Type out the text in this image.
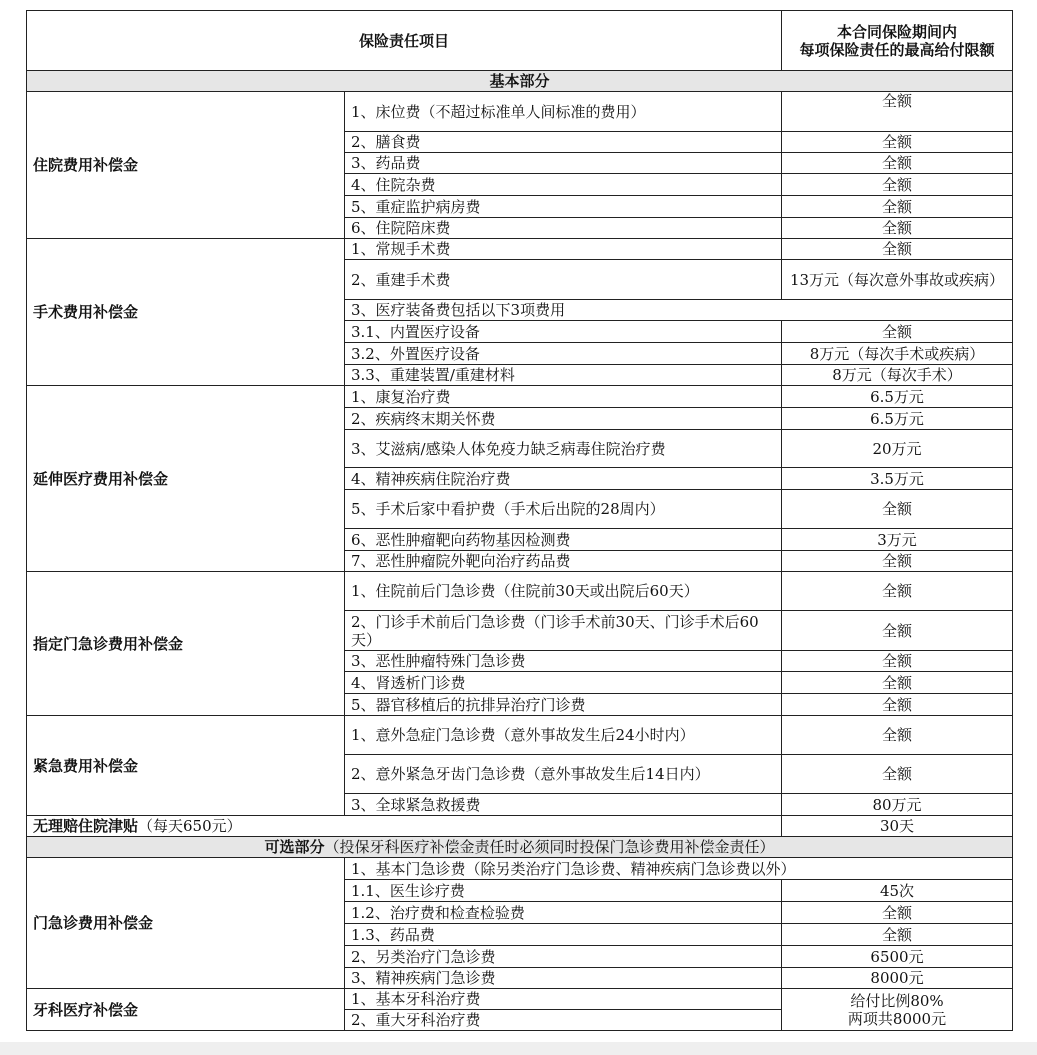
保险责任项目		本合同保险期间内
每项保险责任的最高给付限额
基本部分		
住院费用补偿金	1、床位费（不超过标准单人间标准的费用）	全额
	2、膳食费	全额
	3、药品费	全额
	4、住院杂费	全额
	5、重症监护病房费	全额
	6、住院陪床费	全额
手术费用补偿金	1、常规手术费	全额
	2、重建手术费	13万元（每次意外事故或疾病）
	3、医疗装备费包括以下3项费用	
	3.1、内置医疗设备	全额
	3.2、外置医疗设备	8万元（每次手术或疾病）
	3.3、重建装置/重建材料	8万元（每次手术）
延伸医疗费用补偿金	1、康复治疗费	6.5万元
	2、疾病终末期关怀费	6.5万元
	3、艾滋病/感染人体免疫力缺乏病毒住院治疗费	20万元
	4、精神疾病住院治疗费	3.5万元
	5、手术后家中看护费（手术后出院的28周内）	全额
	6、恶性肿瘤靶向药物基因检测费	3万元
	7、恶性肿瘤院外靶向治疗药品费	全额
指定门急诊费用补偿金	1、住院前后门急诊费（住院前30天或出院后60天）	全额
	2、门诊手术前后门急诊费（门诊手术前30天、门诊手术后60天）	全额
	3、恶性肿瘤特殊门急诊费	全额
	4、肾透析门诊费	全额
	5、器官移植后的抗排异治疗门诊费	全额
紧急费用补偿金	1、意外急症门急诊费（意外事故发生后24小时内）	全额
	2、意外紧急牙齿门急诊费（意外事故发生后14日内）	全额
	3、全球紧急救援费	80万元
无理赔住院津贴（每天650元）		30天
可选部分（投保牙科医疗补偿金责任时必须同时投保门急诊费用补偿金责任）		
门急诊费用补偿金	1、基本门急诊费（除另类治疗门急诊费、精神疾病门急诊费以外）	
	1.1、医生诊疗费	45次
	1.2、治疗费和检查检验费	全额
	1.3、药品费	全额
	2、另类治疗门急诊费	6500元
	3、精神疾病门急诊费	8000元
牙科医疗补偿金	1、基本牙科治疗费	给付比例80%
两项共8000元
	2、重大牙科治疗费	
